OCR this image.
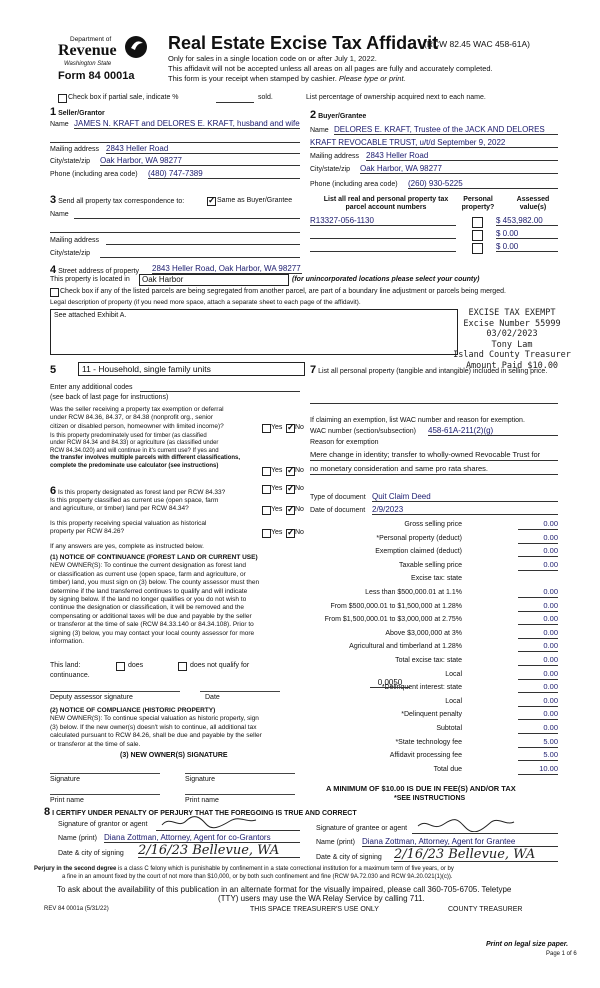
Department of
Revenue
Washington State
Form 84 0001a
Real Estate Excise Tax Affidavit
(RCW 82.45 WAC 458-61A)
Only for sales in a single location code on or after July 1, 2022.
This affidavit will not be accepted unless all areas on all pages are fully and accurately completed.
This form is your receipt when stamped by cashier. Please type or print.
Check box if partial sale, indicate %	sold.	List percentage of ownership acquired next to each name.
1 Seller/Grantor
Name JAMES N. KRAFT and DELORES E. KRAFT, husband and wife
Mailing address 2843 Heller Road
City/state/zip Oak Harbor, WA 98277
Phone (including area code) (480) 747-7389
2 Buyer/Grantee
Name DELORES E. KRAFT, Trustee of the JACK AND DELORES
KRAFT REVOCABLE TRUST, u/t/d September 9, 2022
Mailing address 2843 Heller Road
City/state/zip Oak Harbor, WA 98277
Phone (including area code) (260) 930-5225
3 Send all property tax correspondence to: ✓	Same as Buyer/Grantee
Name
Mailing address
City/state/zip
List all real and personal property tax parcel account numbers
Personal property?
Assessed value(s)
R13327-056-1130	$ 453,982.00
$ 0.00
$ 0.00
4 Street address of property 2843 Heller Road, Oak Harbor, WA 98277
This property is located in	Oak Harbor	(for unincorporated locations please select your county)
Check box if any of the listed parcels are being segregated from another parcel, are part of a boundary line adjustment or parcels being merged.
Legal description of property (if you need more space, attach a separate sheet to each page of the affidavit).
See attached Exhibit A.	EXCISE TAX EXEMPT
Excise Number 55999
03/02/2023
Tony Lam
Island County Treasurer
Amount Paid $10.00
5	11 - Household, single family units
Enter any additional codes
(see back of last page for instructions)
Was the seller receiving a property tax exemption or deferral
under RCW 84.36, 84.37, or 84.38 (nonprofit org., senior
citizen or disabled person, homeowner with limited income)?	Yes ✓ No
Is this property predominately used for timber (as classified
under RCW 84.34 and 84.33) or agriculture (as classified under
RCW 84.34.020) and will continue in it's current use? If yes and
the transfer involves multiple parcels with different classifications,
complete the predominate use calculator (see instructions)
Yes ✓ No
7 List all personal property (tangible and intangible) included in selling price.
If claiming an exemption, list WAC number and reason for exemption.
WAC number (section/subsection) 458-61A-211(2)(g)
Reason for exemption
Mere change in identity; transfer to wholly-owned Revocable Trust for
no monetary consideration and same pro rata shares.
6 Is this property designated as forest land per RCW 84.33?
Yes ✓ No
Is this property classified as current use (open space, farm
and agriculture, or timber) land per RCW 84.34?	Yes ✓ No
Is this property receiving special valuation as historical
property per RCW 84.26?	Yes ✓ No
If any answers are yes, complete as instructed below.
(1) NOTICE OF CONTINUANCE (FOREST LAND OR CURRENT USE)
NEW OWNER(S): To continue the current designation as forest land
or classification as current use (open space, farm and agriculture, or
timber) land, you must sign on (3) below. The county assessor must then
determine if the land transferred continues to qualify and will indicate
by signing below. If the land no longer qualifies or you do not wish to
continue the designation or classification, it will be removed and the
compensating or additional taxes will be due and payable by the seller
or transferor at the time of sale (RCW 84.33.140 or 84.34.108). Prior to
signing (3) below, you may contact your local county assessor for more
information.
This land:	does	does not qualify for
continuance.
Deputy assessor signature	Date
(2) NOTICE OF COMPLIANCE (HISTORIC PROPERTY)
NEW OWNER(S): To continue special valuation as historic property, sign
(3) below. If the new owner(s) doesn't wish to continue, all additional tax
calculated pursuant to RCW 84.26, shall be due and payable by the seller
or transferor at the time of sale.
(3) NEW OWNER(S) SIGNATURE
Signature	Signature
Print name	Print name
Type of document Quit Claim Deed
Date of document 2/9/2023
Gross selling price	0.00
*Personal property (deduct)	0.00
Exemption claimed (deduct)	0.00
Taxable selling price	0.00
Excise tax: state
Less than $500,000.01 at 1.1%	0.00
From $500,000.01 to $1,500,000 at 1.28%	0.00
From $1,500,000.01 to $3,000,000 at 2.75%	0.00
Above $3,000,000 at 3%	0.00
Agricultural and timberland at 1.28%	0.00
Total excise tax: state	0.00
Local	0.00
*Delinquent interest: state	0.00
Local	0.00
*Delinquent penalty	0.00
Subtotal	0.00
*State technology fee	5.00
Affidavit processing fee	5.00
Total due	10.00
0.0050
A MINIMUM OF $10.00 IS DUE IN FEE(S) AND/OR TAX
*SEE INSTRUCTIONS
8 I CERTIFY UNDER PENALTY OF PERJURY THAT THE FOREGOING IS TRUE AND CORRECT
Signature of grantor or agent
Signature of grantee or agent
Name (print) Diana Zottman, Attorney, Agent for co-Grantors
Name (print) Diana Zottman, Attorney, Agent for Grantee
Date & city of signing 2/16/23 Bellevue, WA	Date & city of signing 2/16/23 Bellevue, WA
Perjury in the second degree is a class C felony which is punishable by confinement in a state correctional institution for a maximum term of five years, or by
a fine in an amount fixed by the court of not more than $10,000, or by both such confinement and fine (RCW 9A.72.030 and RCW 9A.20.021(1)(c)).
To ask about the availability of this publication in an alternate format for the visually impaired, please call 360-705-6705. Teletype
(TTY) users may use the WA Relay Service by calling 711.
REV 84 0001a (5/31/22)	THIS SPACE TREASURER'S USE ONLY	COUNTY TREASURER
Print on legal size paper.
Page 1 of 6
